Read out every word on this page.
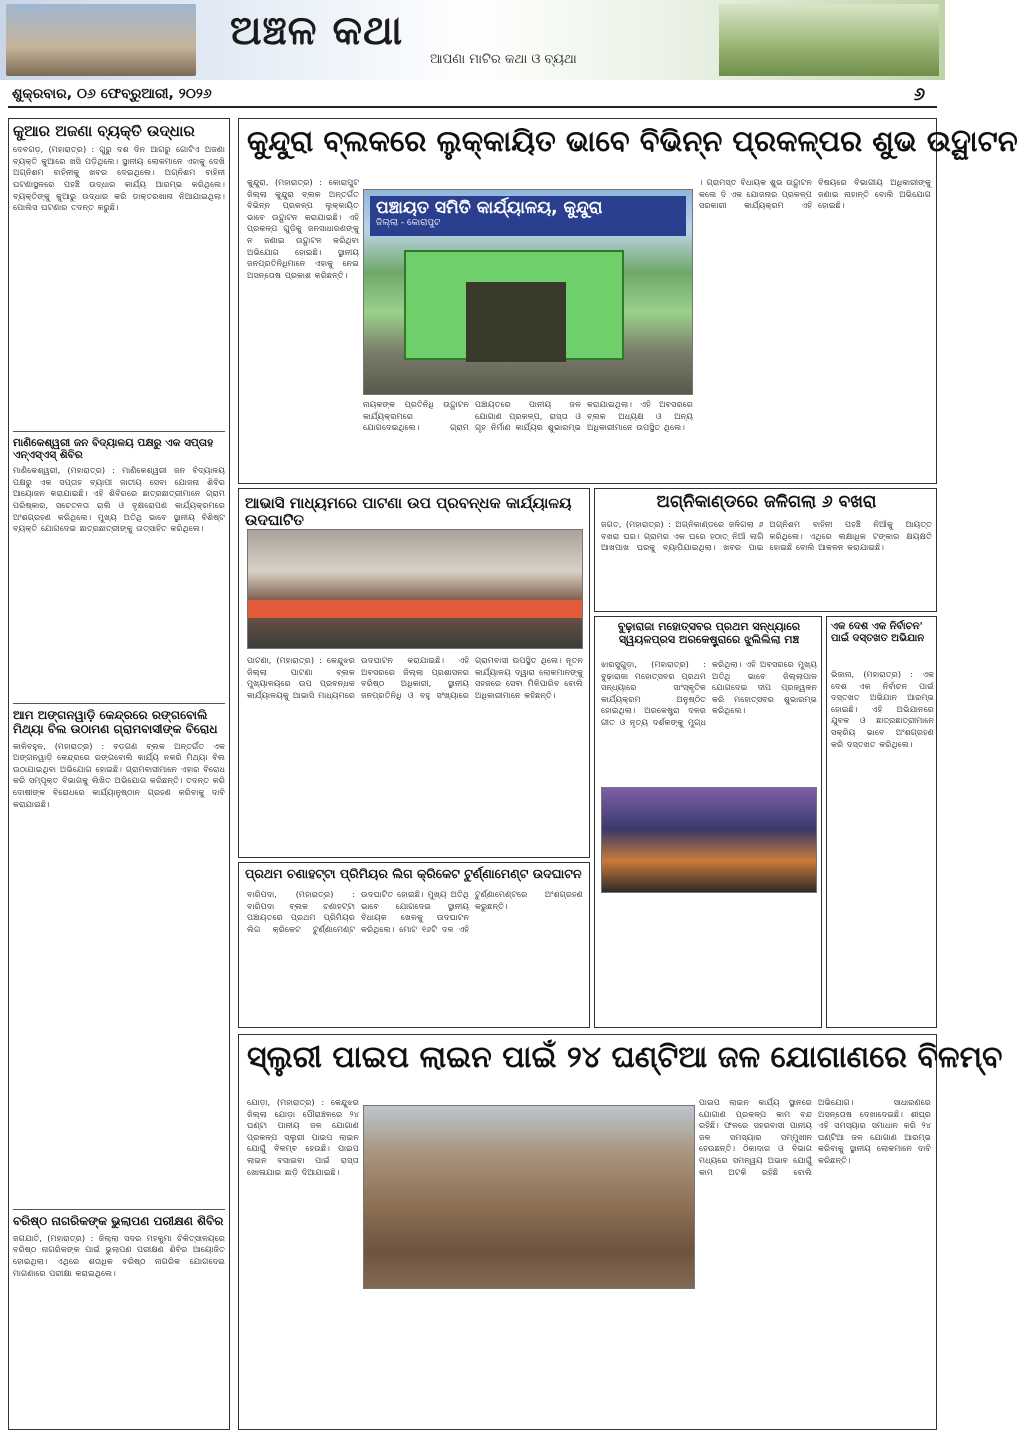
ଅଞ୍ଚଳ କଥା
ଆପଣା ମାଟିର କଥା ଓ ବ୍ୟଥା
ଶୁକ୍ରବାର, ୦୬ ଫେବ୍ରୁଆରୀ, ୨୦୨୬	୬
କୁଆର ଅଜଣା ବ୍ୟକ୍ତି ଉଦ୍ଧାର
ଦେବଗଡ଼, (ମହାରାତ୍ର) : ଗୁରୁ ଦଶ ଦିନ ଆଗରୁ ଗୋଟିଏ ଅଜଣା ବ୍ୟକ୍ତି କୁଆରେ ଖସି ପଡ଼ିଥିଲେ। ସ୍ଥାନୀୟ ଲୋକମାନେ ଏହାକୁ ଦେଖି ଅଗ୍ନିଶମ ବାହିନୀକୁ ଖବର ଦେଇଥିଲେ। ଅଗ୍ନିଶମ ବାହିନୀ ଘଟଣାସ୍ଥଳରେ ପହଞ୍ଚି ଉଦ୍ଧାର କାର୍ଯ୍ୟ ଆରମ୍ଭ କରିଥିଲେ। ବ୍ୟକ୍ତିଙ୍କୁ କୁଆରୁ ଉଦ୍ଧାର କରି ଡାକ୍ତରଖାନା ନିଆଯାଇଥିଲା। ପୋଲିସ ଘଟଣାର ତଦନ୍ତ କରୁଛି।
ମାଣିକେଶ୍ୱରୀ ଜନ ବିଦ୍ୟାଳୟ ପକ୍ଷରୁ ଏକ ସପ୍ତାହ ଏନ୍‌ଏସ୍‌ଏସ୍ ଶିବିର
ମାଣିକେଶ୍ୱରୀ, (ମହାରାତ୍ର) : ମାଣିକେଶ୍ୱରୀ ଜନ ବିଦ୍ୟାଳୟ ପକ୍ଷରୁ ଏକ ସପ୍ତାହ ବ୍ୟାପୀ ଜାତୀୟ ସେବା ଯୋଜନା ଶିବିର ଆୟୋଜନ କରାଯାଇଛି। ଏହି ଶିବିରରେ ଛାତ୍ରଛାତ୍ରୀମାନେ ଗ୍ରାମ ପରିଷ୍କାର, ସଚେତନତା ରାଲି ଓ ବୃକ୍ଷରୋପଣ କାର୍ଯ୍ୟକ୍ରମରେ ଅଂଶଗ୍ରହଣ କରିଥିଲେ। ମୁଖ୍ୟ ଅତିଥି ଭାବେ ସ୍ଥାନୀୟ ବିଶିଷ୍ଟ ବ୍ୟକ୍ତି ଯୋଗଦେଇ ଛାତ୍ରଛାତ୍ରୀଙ୍କୁ ଉତ୍ସାହିତ କରିଥିଲେ।
ଆମ ଅଙ୍ଗନୱାଡ଼ି କେନ୍ଦ୍ରରେ ରଙ୍ଗବୋଲି ମିଥ୍ୟା ବିଲ ଉଠାମଣ ଗ୍ରାମବାସୀଙ୍କ ବିରୋଧ
କାଳିବହୁଳ, (ମହାରାତ୍ର) : ବଡ଼ଗଣ ବ୍ଲକ ଅନ୍ତର୍ଗତ ଏକ ଅଙ୍ଗନୱାଡ଼ି କେନ୍ଦ୍ରରେ ରଙ୍ଗବୋଲି କାର୍ଯ୍ୟ ନକରି ମିଥ୍ୟା ବିଲ ଉଠାଯାଇଥିବା ଅଭିଯୋଗ ହୋଇଛି। ଗ୍ରାମବାସୀମାନେ ଏହାର ବିରୋଧ କରି ସମ୍ପୃକ୍ତ ବିଭାଗକୁ ଲିଖିତ ଅଭିଯୋଗ କରିଛନ୍ତି। ତଦନ୍ତ କରି ଦୋଷୀଙ୍କ ବିରୋଧରେ କାର୍ଯ୍ୟାନୁଷ୍ଠାନ ଗ୍ରହଣ କରିବାକୁ ଦାବି କରାଯାଇଛି।
ବରିଷ୍ଠ ନାଗରିକଙ୍କ ଭୁଲାପଣ ପରୀକ୍ଷଣ ଶିବିର
ଜଗଯାତି, (ମହାରାତ୍ର) : ଜିଲ୍ଲା ସଦର ମହକୁମା ଚିକିତ୍ସାଳୟରେ ବରିଷ୍ଠ ନାଗରିକଙ୍କ ପାଇଁ ଭୁଲାପଣ ପରୀକ୍ଷଣ ଶିବିର ଆୟୋଜିତ ହୋଇଥିଲା। ଏଥିରେ ଶତାଧିକ ବରିଷ୍ଠ ନାଗରିକ ଯୋଗଦେଇ ମାଗଣାରେ ପରୀକ୍ଷା କରାଇଥିଲେ।
କୁନ୍ଦୁରା ବ୍ଲକରେ ଲୁକ୍କାୟିତ ଭାବେ ବିଭିନ୍ନ ପ୍ରକଳ୍ପର ଶୁଭ ଉଦ୍ଘାଟନ
କୁନ୍ଦୁରା, (ମହାରାତ୍ର) : କୋରାପୁଟ ଜିଲ୍ଲା କୁନ୍ଦୁରା ବ୍ଲକ ଅନ୍ତର୍ଗତ ବିଭିନ୍ନ ପ୍ରକଳ୍ପ ଲୁକ୍କାୟିତ ଭାବେ ଉଦ୍ଘାଟନ କରାଯାଇଛି। ଏହି ପ୍ରକଳ୍ପ ଗୁଡ଼ିକୁ ଜନସାଧାରଣଙ୍କୁ ନ ଜଣାଇ ଉଦ୍ଘାଟନ କରିଥିବା ଅଭିଯୋଗ ହୋଇଛି। ସ୍ଥାନୀୟ ଜନପ୍ରତିନିଧିମାନେ ଏହାକୁ ନେଇ ଅସନ୍ତୋଷ ପ୍ରକାଶ କରିଛନ୍ତି।
ପଞ୍ଚାୟତ ସମିତି କାର୍ଯ୍ୟାଳୟ, କୁନ୍ଦୁରା
ଜିଲ୍ଲା - କୋରାପୁଟ
ନାୟକଙ୍କ ପ୍ରତିନିଧି ଉଦ୍ଘାଟନ କାର୍ଯ୍ୟକ୍ରମରେ ଯୋଗଦେଇଥିଲେ। ଗ୍ରାମ ପଞ୍ଚାୟତରେ ପାନୀୟ ଜଳ ଯୋଗାଣ ପ୍ରକଳ୍ପ, ରାସ୍ତା ଓ ଗୃହ ନିର୍ମାଣ କାର୍ଯ୍ୟର ଶୁଭାରମ୍ଭ କରାଯାଇଥିଲା। ଏହି ଅବସରରେ ବ୍ଲକ ଅଧ୍ୟକ୍ଷ ଓ ଅନ୍ୟ ଅଧିକାରୀମାନେ ଉପସ୍ଥିତ ଥିଲେ।
। ଗ୍ରାମସ୍ତ ବିଧାୟକ ଶୁଭ ଉଦ୍ଘାଟନ କଲେ ଦି ଏକ ଯୋଜନାର ପ୍ରକଳ୍ପ ସରକାରୀ କାର୍ଯ୍ୟକ୍ରମ ଏହି ବିଷୟରେ ବିଭାଗୀୟ ଅଧିକାରୀଙ୍କୁ ଜଣାଇ ନାହାନ୍ତି ବୋଲି ଅଭିଯୋଗ ହୋଇଛି।
ଆଭାସି ମାଧ୍ୟମରେ ପାଟଣା ଉପ ପ୍ରବନ୍ଧକ କାର୍ଯ୍ୟାଳୟ ଉଦଘାଟିତ
ପାଟଣା, (ମହାରାତ୍ର) : କେନ୍ଦୁଝର ଜିଲ୍ଲା ପାଟଣା ବ୍ଲକ ମୁଖ୍ୟାଳୟରେ ଉପ ପ୍ରବନ୍ଧକ କାର୍ଯ୍ୟାଳୟକୁ ଆଭାସି ମାଧ୍ୟମରେ ଉଦଘାଟନ କରାଯାଇଛି। ଏହି ଅବସରରେ ଜିଲ୍ଲା ପ୍ରଶାସନର ବରିଷ୍ଠ ଅଧିକାରୀ, ସ୍ଥାନୀୟ ଜନପ୍ରତିନିଧି ଓ ବହୁ ସଂଖ୍ୟାରେ ଗ୍ରାମବାସୀ ଉପସ୍ଥିତ ଥିଲେ। ନୂତନ କାର୍ଯ୍ୟାଳୟ ଦ୍ୱାରା ଲୋକମାନଙ୍କୁ ସହଜରେ ସେବା ମିଳିପାରିବ ବୋଲି ଅଧିକାରୀମାନେ କହିଛନ୍ତି।
ପ୍ରଥମ ଚଣାହଟ୍ଟା ପ୍ରିମିୟର ଲିଗ କ୍ରିକେଟ ଟୁର୍ଣ୍ଣାମେଣ୍ଟ ଉଦଘାଟନ
ବାରିପଦା, (ମହାରାତ୍ର) : ବାରିପଦା ବ୍ଲକ ଚଣାହଟ୍ଟା ପଞ୍ଚାୟତରେ ପ୍ରଥମ ପ୍ରିମିୟର ଲିଗ କ୍ରିକେଟ ଟୁର୍ଣ୍ଣାମେଣ୍ଟ ଉଦଘାଟିତ ହୋଇଛି। ମୁଖ୍ୟ ଅତିଥି ଭାବେ ଯୋଗଦେଇ ସ୍ଥାନୀୟ ବିଧାୟକ ଖେଳକୁ ଉଦଘାଟନ କରିଥିଲେ। ମୋଟ ୧୬ଟି ଦଳ ଏହି ଟୁର୍ଣ୍ଣାମେଣ୍ଟରେ ଅଂଶଗ୍ରହଣ କରୁଛନ୍ତି।
ଅଗ୍ନିକାଣ୍ଡରେ ଜଳିଗଲା ୬ ବଖରା
ଜଗତ, (ମହାରାତ୍ର) : ଅଗ୍ନିକାଣ୍ଡରେ ଜଳିଗଲା ୬ ବଖରା ଘର। ଗ୍ରାମର ଏକ ଘରେ ହଠାତ୍ ନିଆଁ ଲାଗି ଆଖପାଖ ଘରକୁ ବ୍ୟାପିଯାଇଥିଲା। ଖବର ପାଇ ଅଗ୍ନିଶମ ବାହିନୀ ପହଞ୍ଚି ନିଆଁକୁ ଆୟତ୍ତ କରିଥିଲେ। ଏଥିରେ ଲକ୍ଷାଧିକ ଟଙ୍କାର କ୍ଷୟକ୍ଷତି ହୋଇଛି ବୋଲି ଆକଳନ କରାଯାଇଛି।
ବୁଢ଼ାରାଜା ମହୋତ୍ସବର ପ୍ରଥମ ସନ୍ଧ୍ୟାରେ ସ୍ୱୟଳପ୍ରସ ଅରକେଷ୍ଟ୍ରାରେ ଝୁଲିଲିଲା ମଞ୍ଚ
ଝାରସୁଗୁଡ଼ା, (ମହାରାତ୍ର) : ବୁଢ଼ାରାଜା ମହୋତ୍ସବର ପ୍ରଥମ ସନ୍ଧ୍ୟାରେ ସାଂସ୍କୃତିକ କାର୍ଯ୍ୟକ୍ରମ ଅନୁଷ୍ଠିତ ହୋଇଥିଲା। ଅରକେଷ୍ଟ୍ରା ଦଳର ଗୀତ ଓ ନୃତ୍ୟ ଦର୍ଶକଙ୍କୁ ମୁଗ୍ଧ କରିଥିଲା। ଏହି ଅବସରରେ ମୁଖ୍ୟ ଅତିଥି ଭାବେ ଜିଲ୍ଲାପାଳ ଯୋଗଦେଇ ଦୀପ ପ୍ରଜ୍ୱଳନ କରି ମହୋତ୍ସବର ଶୁଭାରମ୍ଭ କରିଥିଲେ।
ଏକ ଦେଶ ଏକ ନିର୍ବାଚନ' ପାଇଁ ଦସ୍ତଖତ ଅଭିଯାନ
ଭିଜାନା, (ମହାରାତ୍ର) : ଏକ ଦେଶ ଏକ ନିର୍ବାଚନ ପାଇଁ ଦସ୍ତଖତ ଅଭିଯାନ ଆରମ୍ଭ ହୋଇଛି। ଏହି ଅଭିଯାନରେ ଯୁବକ ଓ ଛାତ୍ରଛାତ୍ରୀମାନେ ସକ୍ରିୟ ଭାବେ ଅଂଶଗ୍ରହଣ କରି ଦସ୍ତଖତ କରିଥିଲେ।
ସ୍ଲୁରୀ ପାଇପ ଲାଇନ ପାଇଁ ୨୪ ଘଣ୍ଟିଆ ଜଳ ଯୋଗାଣରେ ବିଳମ୍ବ
ଯୋଡ଼ା, (ମହାରାତ୍ର) : କେନ୍ଦୁଝର ଜିଲ୍ଲା ଯୋଡ଼ା ପୌରାଞ୍ଚଳରେ ୨୪ ଘଣ୍ଟା ପାନୀୟ ଜଳ ଯୋଗାଣ ପ୍ରକଳ୍ପ ସ୍ଲୁରୀ ପାଇପ ଲାଇନ ଯୋଗୁଁ ବିଳମ୍ବ ହେଉଛି। ପାଇପ ଲାଇନ ବସାଇବା ପାଇଁ ରାସ୍ତା ଖୋଳାଯାଇ ଛାଡ଼ି ଦିଆଯାଇଛି।
ପାଇପ ଲାଇନ କାର୍ଯ୍ୟ ସ୍ଥାନରେ ଯୋଗାଣ ପ୍ରକଳ୍ପ କାମ ବନ୍ଦ ରହିଛି। ଫଳରେ ସହରବାସୀ ପାନୀୟ ଜଳ ସମସ୍ୟାର ସମ୍ମୁଖୀନ ହେଉଛନ୍ତି। ଠିକାଦାର ଓ ବିଭାଗ ମଧ୍ୟରେ ସମନ୍ୱୟ ଅଭାବ ଯୋଗୁଁ କାମ ଅଟକି ରହିଛି ବୋଲି ଅଭିଯୋଗ।	ସାଧାରଣରେ ଅସନ୍ତୋଷ ଦେଖାଦେଇଛି। ଶୀଘ୍ର ଏହି ସମସ୍ୟାର ସମାଧାନ କରି ୨୪ ଘଣ୍ଟିଆ ଜଳ ଯୋଗାଣ ଆରମ୍ଭ କରିବାକୁ ସ୍ଥାନୀୟ ଲୋକମାନେ ଦାବି କରିଛନ୍ତି।
